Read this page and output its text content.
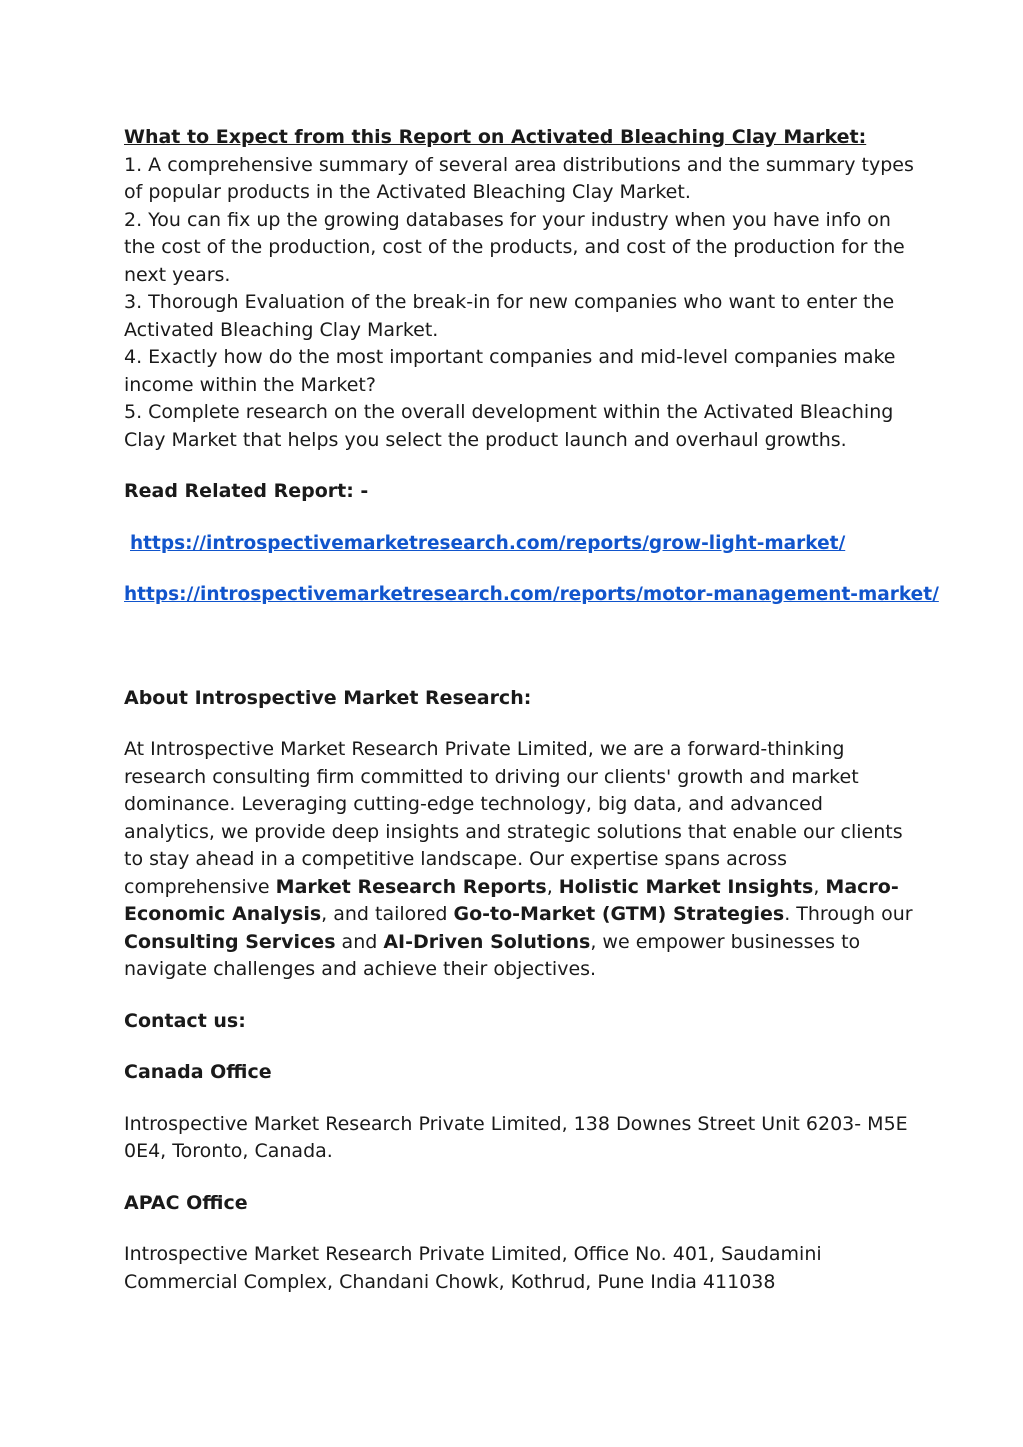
What to Expect from this Report on Activated Bleaching Clay Market:

1. A comprehensive summary of several area distributions and the summary types of popular products in the Activated Bleaching Clay Market.

2. You can fix up the growing databases for your industry when you have info on the cost of the production, cost of the products, and cost of the production for the next years.

3. Thorough Evaluation of the break-in for new companies who want to enter the Activated Bleaching Clay Market.

4. Exactly how do the most important companies and mid-level companies make income within the Market?

5. Complete research on the overall development within the Activated Bleaching Clay Market that helps you select the product launch and overhaul growths.

Read Related Report: -

https://introspectivemarketresearch.com/reports/grow-light-market/
https://introspectivemarketresearch.com/reports/motor-management-market/

About Introspective Market Research:

At Introspective Market Research Private Limited, we are a forward-thinking research consulting firm committed to driving our clients' growth and market dominance. Leveraging cutting-edge technology, big data, and advanced analytics, we provide deep insights and strategic solutions that enable our clients to stay ahead in a competitive landscape. Our expertise spans across comprehensive Market Research Reports, Holistic Market Insights, Macro-Economic Analysis, and tailored Go-to-Market (GTM) Strategies. Through our Consulting Services and AI-Driven Solutions, we empower businesses to navigate challenges and achieve their objectives.

Contact us:

Canada Office

Introspective Market Research Private Limited, 138 Downes Street Unit 6203- M5E 0E4, Toronto, Canada.

APAC Office

Introspective Market Research Private Limited, Office No. 401, Saudamini Commercial Complex, Chandani Chowk, Kothrud, Pune India 411038
